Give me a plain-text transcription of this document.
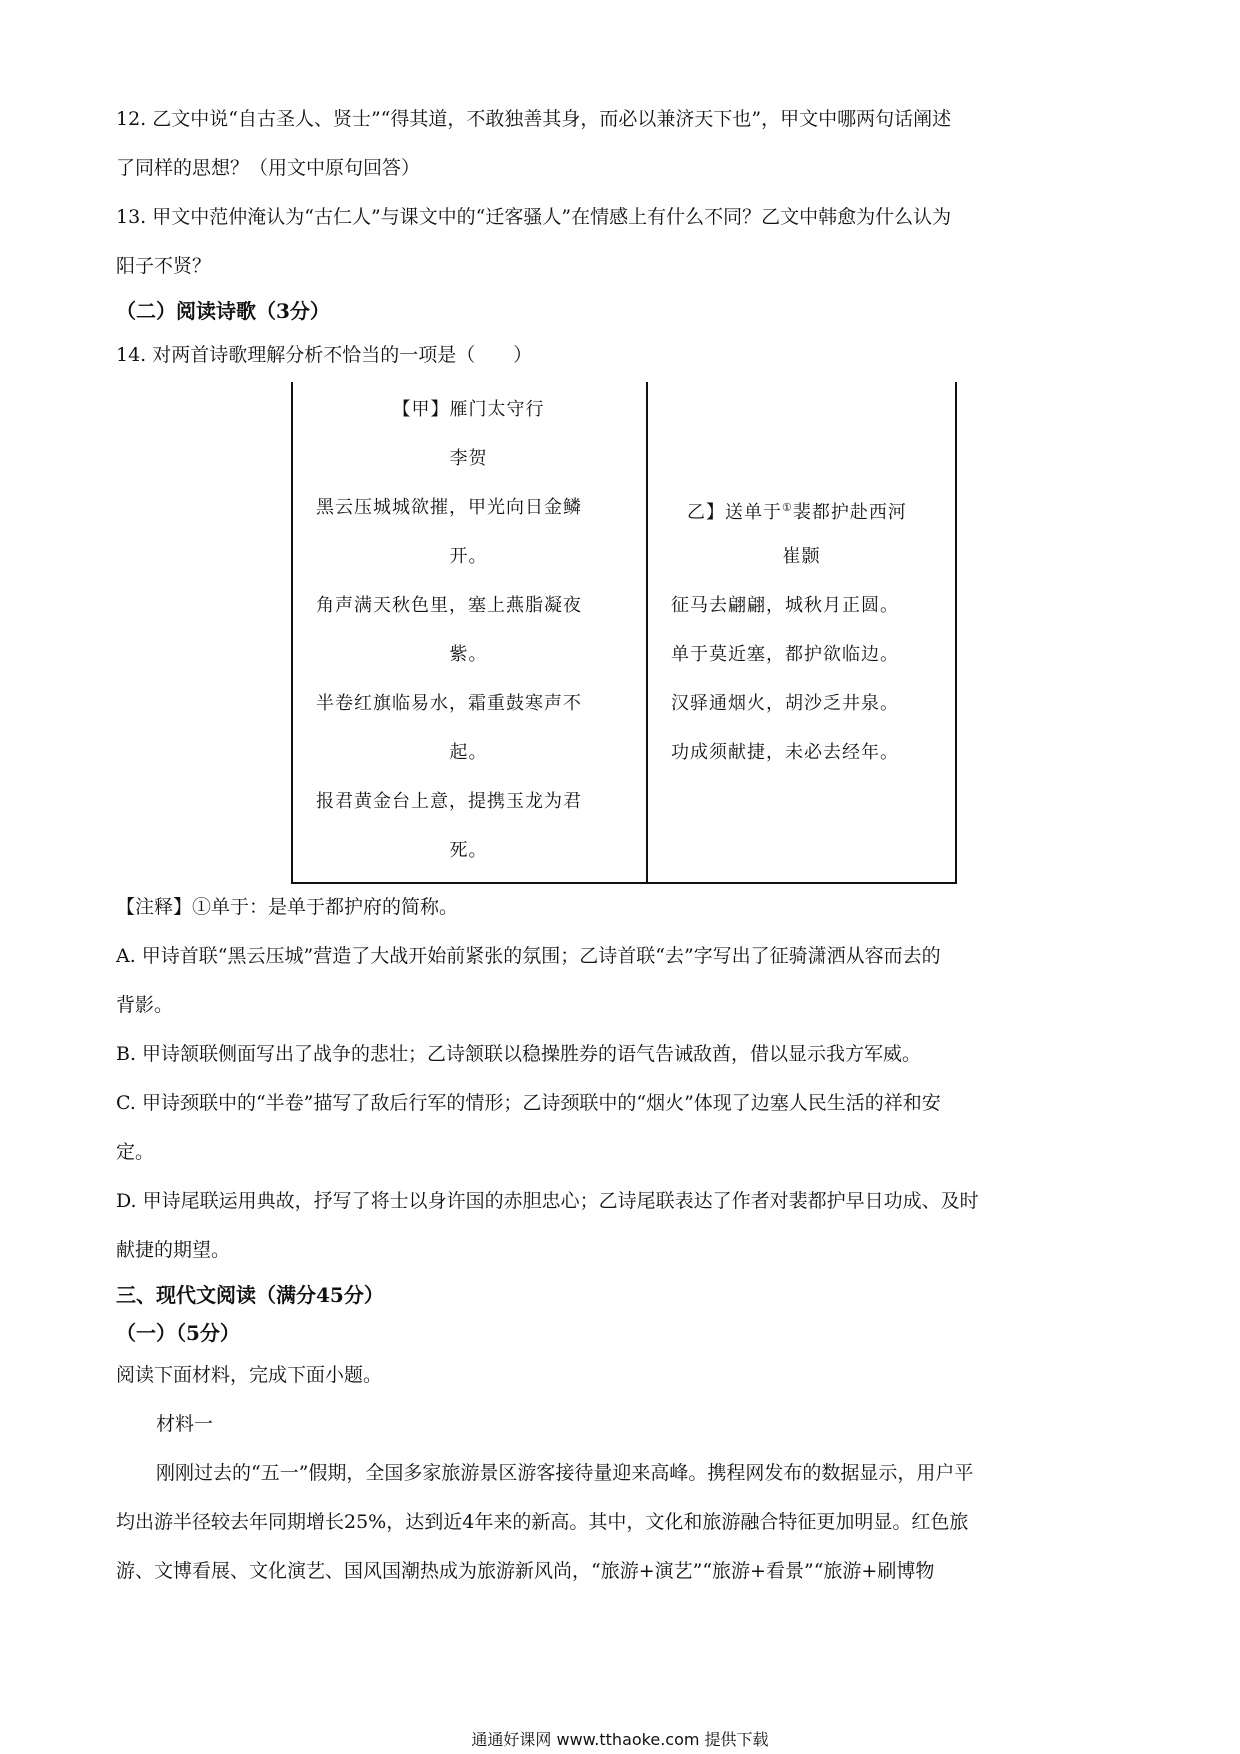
12. 乙文中说“自古圣人、贤士”“得其道，不敢独善其身，而必以兼济天下也”，甲文中哪两句话阐述
了同样的思想？（用文中原句回答）
13. 甲文中范仲淹认为“古仁人”与课文中的“迁客骚人”在情感上有什么不同？乙文中韩愈为什么认为
阳子不贤？
（二）阅读诗歌（3分）
14. 对两首诗歌理解分析不恰当的一项是（　　）
【甲】雁门太守行
李贺
黑云压城城欲摧，甲光向日金鳞
开。
角声满天秋色里，塞上燕脂凝夜
紫。
半卷红旗临易水，霜重鼓寒声不
起。
报君黄金台上意，提携玉龙为君
死。
乙】送单于①裴都护赴西河
崔颢
征马去翩翩，城秋月正圆。
单于莫近塞，都护欲临边。
汉驿通烟火，胡沙乏井泉。
功成须献捷，未必去经年。
【注释】①单于：是单于都护府的简称。
A. 甲诗首联“黑云压城”营造了大战开始前紧张的氛围；乙诗首联“去”字写出了征骑潇洒从容而去的
背影。
B. 甲诗颔联侧面写出了战争的悲壮；乙诗颔联以稳操胜券的语气告诫敌酋，借以显示我方军威。
C. 甲诗颈联中的“半卷”描写了敌后行军的情形；乙诗颈联中的“烟火”体现了边塞人民生活的祥和安
定。
D. 甲诗尾联运用典故，抒写了将士以身许国的赤胆忠心；乙诗尾联表达了作者对裴都护早日功成、及时
献捷的期望。
三、现代文阅读（满分45分）
（一）（5分）
阅读下面材料，完成下面小题。
材料一
刚刚过去的“五一”假期，全国多家旅游景区游客接待量迎来高峰。携程网发布的数据显示，用户平
均出游半径较去年同期增长25%，达到近4年来的新高。其中，文化和旅游融合特征更加明显。红色旅
游、文博看展、文化演艺、国风国潮热成为旅游新风尚，“旅游+演艺”“旅游+看景”“旅游+刷博物
通通好课网 www.tthaoke.com 提供下载
